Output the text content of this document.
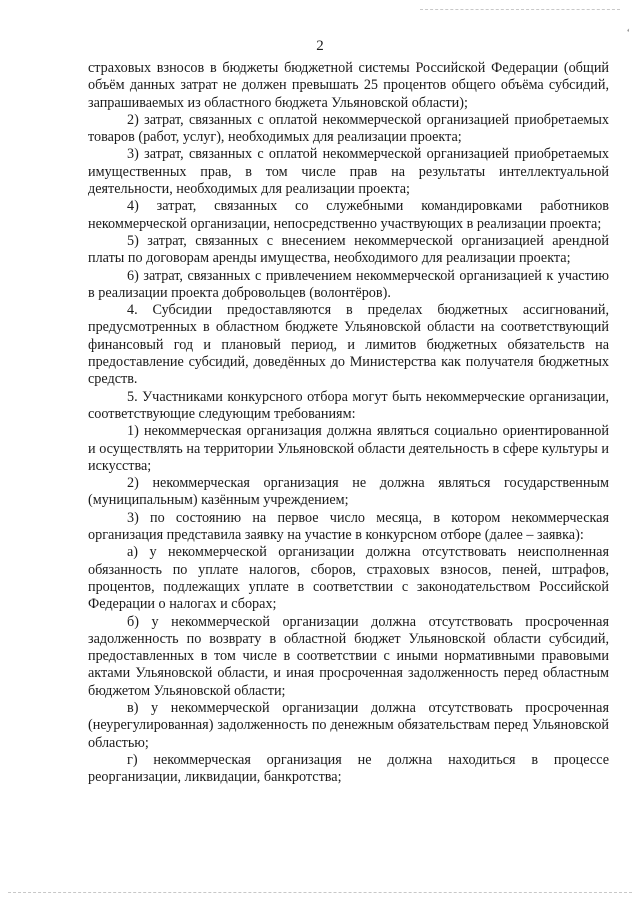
2
ʻ

страховых взносов в бюджеты бюджетной системы Российской Федерации (общий объём данных затрат не должен превышать 25 процентов общего объёма субсидий, запрашиваемых из областного бюджета Ульяновской области);

2) затрат, связанных с оплатой некоммерческой организацией приобретаемых товаров (работ, услуг), необходимых для реализации проекта;

3) затрат, связанных с оплатой некоммерческой организацией приобретаемых имущественных прав, в том числе прав на результаты интеллектуальной деятельности, необходимых для реализации проекта;

4) затрат, связанных со служебными командировками работников некоммерческой организации, непосредственно участвующих в реализации проекта;

5) затрат, связанных с внесением некоммерческой организацией арендной платы по договорам аренды имущества, необходимого для реализации проекта;

6) затрат, связанных с привлечением некоммерческой организацией к участию в реализации проекта добровольцев (волонтёров).

4. Субсидии предоставляются в пределах бюджетных ассигнований, предусмотренных в областном бюджете Ульяновской области на соответствующий финансовый год и плановый период, и лимитов бюджетных обязательств на предоставление субсидий, доведённых до Министерства как получателя бюджетных средств.

5. Участниками конкурсного отбора могут быть некоммерческие организации, соответствующие следующим требованиям:

1) некоммерческая организация должна являться социально ориентированной и осуществлять на территории Ульяновской области деятельность в сфере культуры и искусства;

2) некоммерческая организация не должна являться государственным (муниципальным) казённым учреждением;

3) по состоянию на первое число месяца, в котором некоммерческая организация представила заявку на участие в конкурсном отборе (далее – заявка):

а) у некоммерческой организации должна отсутствовать неисполненная обязанность по уплате налогов, сборов, страховых взносов, пеней, штрафов, процентов, подлежащих уплате в соответствии с законодательством Российской Федерации о налогах и сборах;

б) у некоммерческой организации должна отсутствовать просроченная задолженность по возврату в областной бюджет Ульяновской области субсидий, предоставленных в том числе в соответствии с иными нормативными правовыми актами Ульяновской области, и иная просроченная задолженность перед областным бюджетом Ульяновской области;

в) у некоммерческой организации должна отсутствовать просроченная (неурегулированная) задолженность по денежным обязательствам перед Ульяновской областью;

г) некоммерческая организация не должна находиться в процессе реорганизации, ликвидации, банкротства;
